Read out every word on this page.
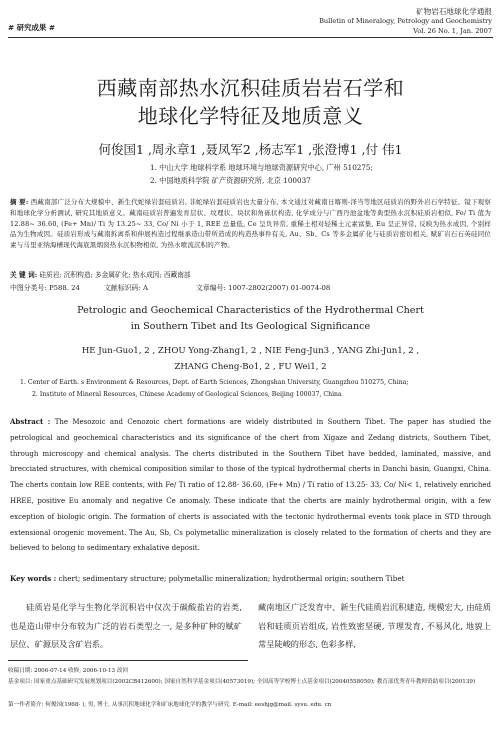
矿物岩石地球化学通报
Bulletin of Mineralogy, Petrology and Geochemistry
Vol. 26 No. 1, Jan. 2007
# 研究成果 #
西藏南部热水沉积硅质岩岩石学和
地球化学特征及地质意义
何俊国1 ,周永章1 ,聂凤军2 ,杨志军1 ,张澄博1 ,付 伟1
1. 中山大学 地球科学系 地球环境与地球资源研究中心, 广州 510275;
2. 中国地质科学院 矿产资源研究所, 北京 100037
摘 要: 西藏南部广泛分布大规模中、新生代蛇绿岩套硅质岩, 非蛇绿岩套硅质岩也大量分布, 本文通过对藏南日喀则-泽当等地区硅质岩的野外岩石学特征、镜下观察和地球化学分析测试, 研究其地质意义。藏南硅质岩普遍发育层状、纹理状、块状和角砾状构造, 化学成分与广西丹池盆地等典型热水沉积硅质岩相似, Fe/ Ti 值为 12.88~ 36.60, (Fe+ Mn)/ Ti 为 13.25~ 33, Co/ Ni 小于 1, REE 总量低, Ce 呈负异常, 重稀土相对轻稀土元素富集, Eu 呈正异常, 反映为热水成因, 个别样品为生物成因。硅质岩形成与藏南拆离系和伸展构造过程继承造山带所造成的构造热事件有关, Au、Sb、Cs 等多金属矿化与硅质岩密切相关, 赋矿岩石石英硅同位素与马里亚纳海槽现代海底黑烟囱热水沉积物相似, 为热水喷流沉积的产物。
关 键 词: 硅质岩; 沉积构造; 多金属矿化; 热水成因; 西藏南部
中图分类号: P588. 24	文献标识码: A	文章编号: 1007-2802(2007) 01-0074-08
Petrologic and Geochemical Characteristics of the Hydrothermal Chert
in Southern Tibet and Its Geological Significance
HE Jun-Guo1, 2 , ZHOU Yong-Zhang1, 2 , NIE Feng-Jun3 , YANG Zhi-Jun1, 2 ,
ZHANG Cheng-Bo1, 2 , FU Wei1, 2
1. Center of Earth. s Environment & Resources, Dept. of Earth Sciences, Zhongshan University, Guangzhou 510275, China;
2. Institute of Mineral Resources, Chinese Academy of Geological Sciences, Beijing 100037, China
Abstract : The Mesozoic and Cenozoic chert formations are widely distributed in Southern Tibet. The paper has studied the petrological and geochemical characteristics and its significance of the chert from Xigaze and Zedang districts, Southern Tibet, through microscopy and chemical analysis. The cherts distributed in the Southern Tibet have bedded, laminated, massive, and brecciated structures, with chemical composition similar to those of the typical hydrothermal cherts in Danchi basin, Guangxi, China. The cherts contain low REE contents, with Fe/ Ti ratio of 12.88- 36.60, (Fe+ Mn) / Ti ratio of 13.25- 33, Co/ Ni< 1, relatively enriched HREE, positive Eu anomaly and negative Ce anomaly. These indicate that the cherts are mainly hydrothermal origin, with a few exception of biologic origin. The formation of cherts is associated with the tectonic hydrothermal events took place in STD through extensional orogenic movement. The Au, Sb, Cs polymetallic mineralization is closely related to the formation of cherts and they are believed to belong to sedimentary exhalative deposit.
Key words : chert; sedimentary structure; polymetallic mineralization; hydrothermal origin; southern Tibet
硅质岩是化学与生物化学沉积岩中仅次于碳酸盐岩的岩类, 也是造山带中分布较为广泛的岩石类型之一, 是多种矿种的赋矿层位、矿源层及含矿岩系。
藏南地区广泛发育中、新生代硅质岩沉积建造, 规模宏大, 由硅质岩和硅质页岩组成, 岩性致密坚硬, 节理发育, 不易风化, 地貌上常呈陡峻的形态, 色彩多样,
收稿日期: 2006-07-14 收修, 2006-10-13 改回
基金项目: 国家重点基础研究发展规划项目(2002CB412600); 国家自然科学基金项目(40573019); 全国高等学校博士点基金项目(20040558050); 教育部优秀青年教师资助项目(200139)
第一作者简介: 何俊国(1968- ), 男, 博士, 从事沉积地球化学和矿床地球化学的教学与研究. E-mail: eeshjg@mail. sysu. edu. cn
